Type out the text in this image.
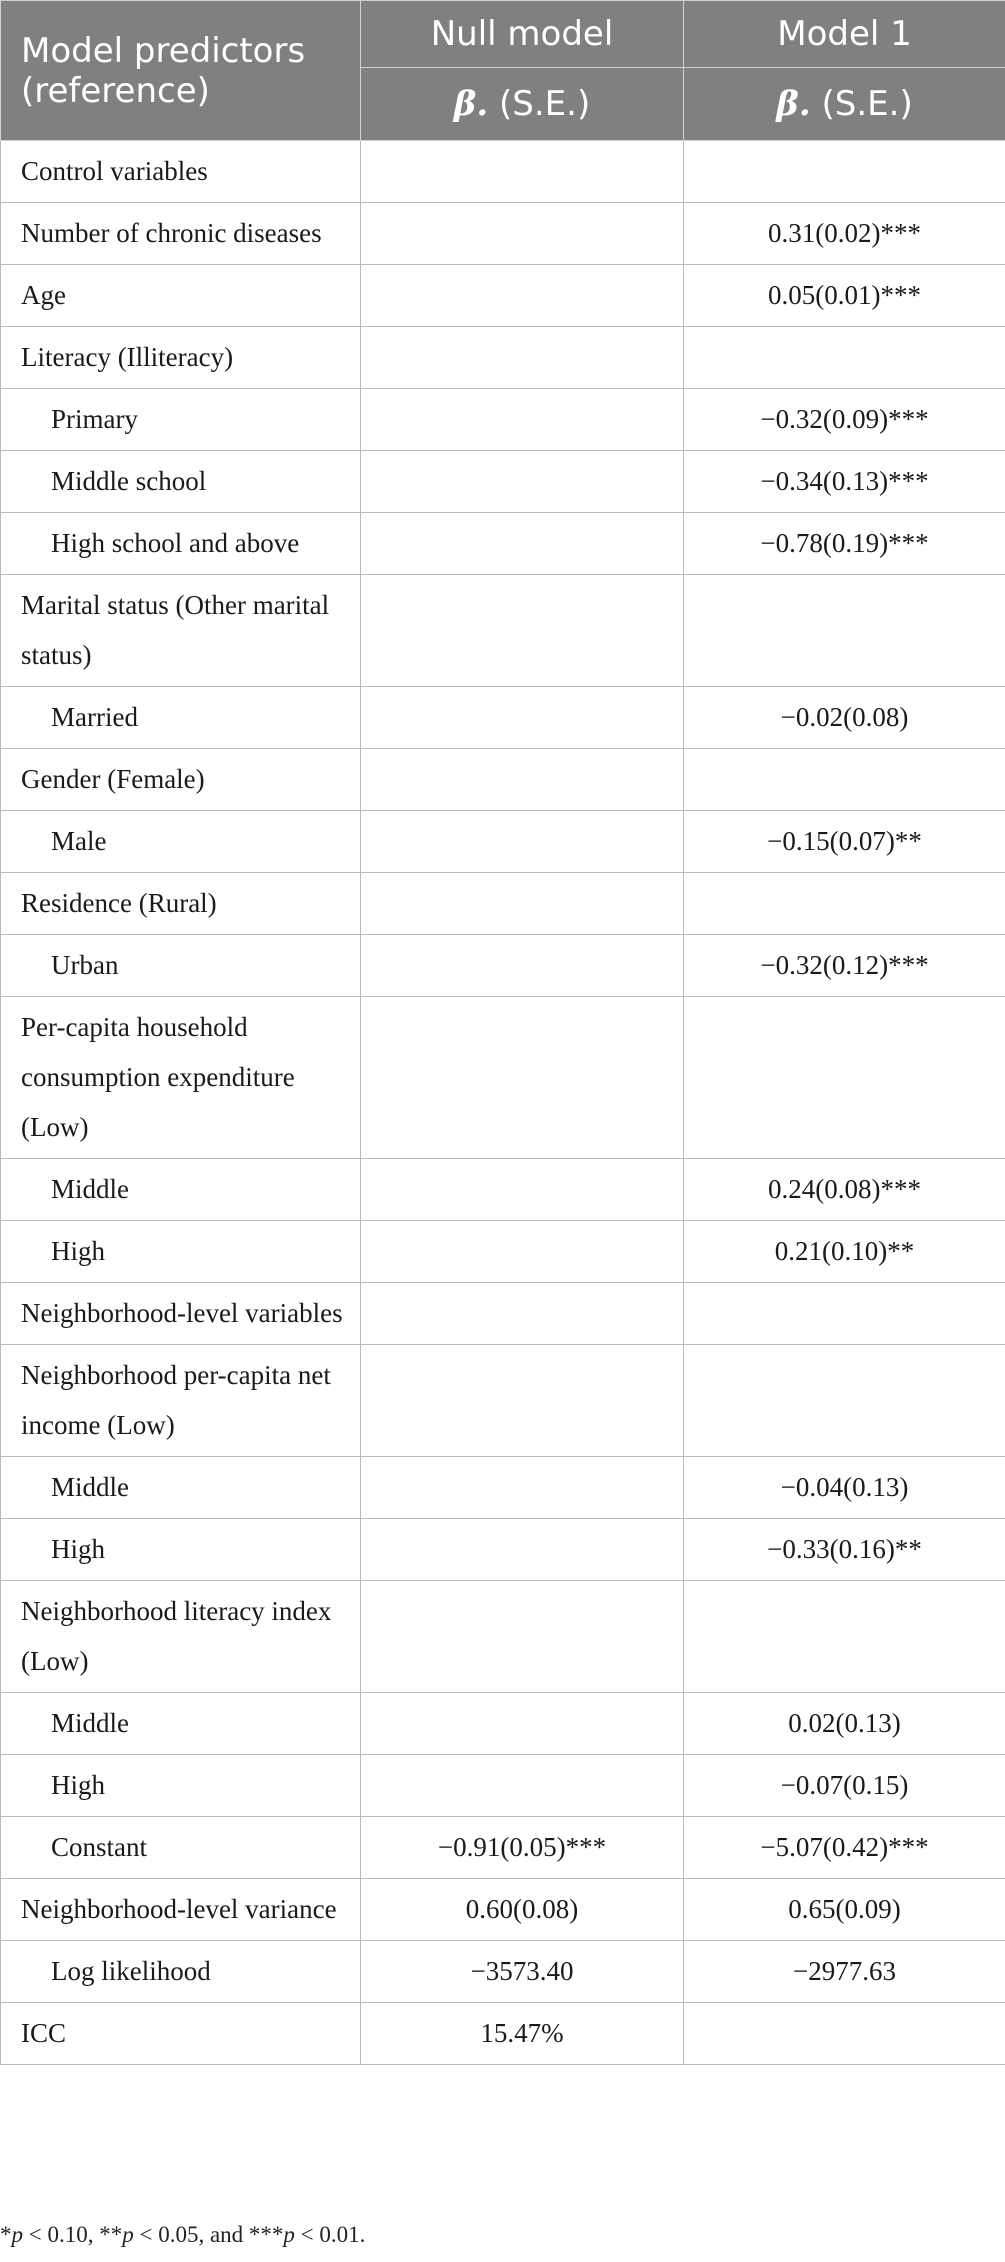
Model predictors (reference)	Null model	Model 1
	β. (S.E.)	β. (S.E.)
Control variables		
Number of chronic diseases		0.31(0.02)***
Age		0.05(0.01)***
Literacy (Illiteracy)		
Primary		−0.32(0.09)***
Middle school		−0.34(0.13)***
High school and above		−0.78(0.19)***
Marital status (Other marital status)		
Married		−0.02(0.08)
Gender (Female)		
Male		−0.15(0.07)**
Residence (Rural)		
Urban		−0.32(0.12)***
Per-capita household consumption expenditure (Low)		
Middle		0.24(0.08)***
High		0.21(0.10)**
Neighborhood-level variables		
Neighborhood per-capita net income (Low)		
Middle		−0.04(0.13)
High		−0.33(0.16)**
Neighborhood literacy index (Low)		
Middle		0.02(0.13)
High		−0.07(0.15)
Constant	−0.91(0.05)***	−5.07(0.42)***
Neighborhood-level variance	0.60(0.08)	0.65(0.09)
Log likelihood	−3573.40	−2977.63
ICC	15.47%	
*p < 0.10, **p < 0.05, and ***p < 0.01.
